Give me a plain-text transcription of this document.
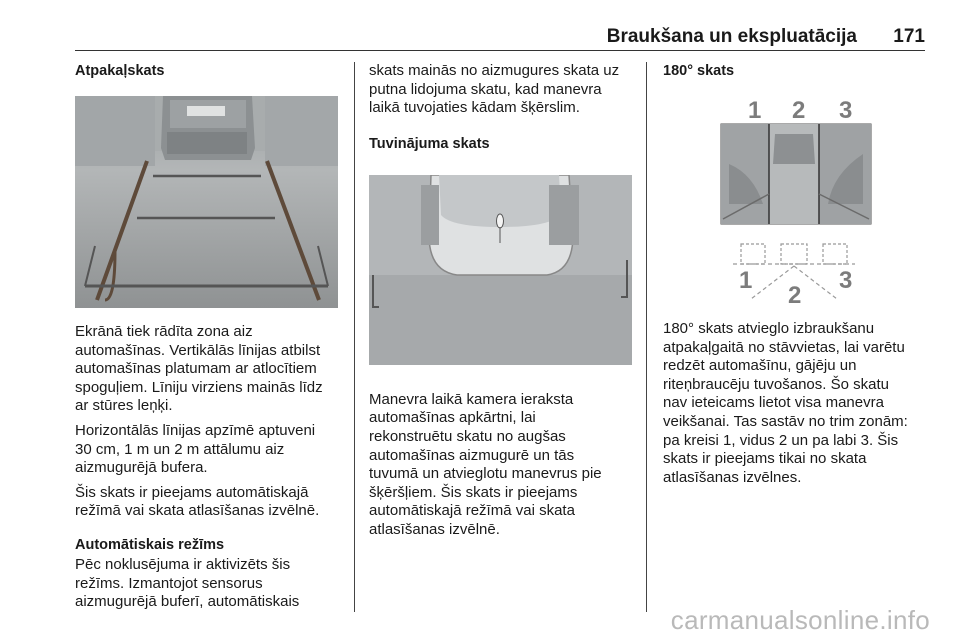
Braukšana un ekspluatācija 171
Atpakaļskats

Ekrānā tiek rādīta zona aiz
automašīnas. Vertikālās līnijas atbilst
automašīnas platumam ar atlocītiem
spoguļiem. Līniju virziens mainās līdz
ar stūres leņķi.

Horizontālās līnijas apzīmē aptuveni
30 cm, 1 m un 2 m attālumu aiz
aizmugurējā bufera.

Šis skats ir pieejams automātiskajā
režīmā vai skata atlasīšanas izvēlnē.

Automātiskais režīms

Pēc noklusējuma ir aktivizēts šis
režīms. Izmantojot sensorus
aizmugurējā buferī, automātiskais

skats mainās no aizmugures skata uz
putna lidojuma skatu, kad manevra
laikā tuvojaties kādam šķērslim.

Tuvinājuma skats

Manevra laikā kamera ieraksta
automašīnas apkārtni, lai
rekonstruētu skatu no augšas
automašīnas aizmugurē un tās
tuvumā un atvieglotu manevrus pie
šķēršļiem. Šis skats ir pieejams
automātiskajā režīmā vai skata
atlasīšanas izvēlnē.

180° skats
1 2 3
1
2
3

180° skats atvieglo izbraukšanu
atpakaļgaitā no stāvvietas, lai varētu
redzēt automašīnu, gājēju un
riteņbraucēju tuvošanos. Šo skatu
nav ieteicams lietot visa manevra
veikšanai. Tas sastāv no trim zonām:
pa kreisi 1, vidus 2 un pa labi 3. Šis
skats ir pieejams tikai no skata
atlasīšanas izvēlnes.

carmanualsonline.info
